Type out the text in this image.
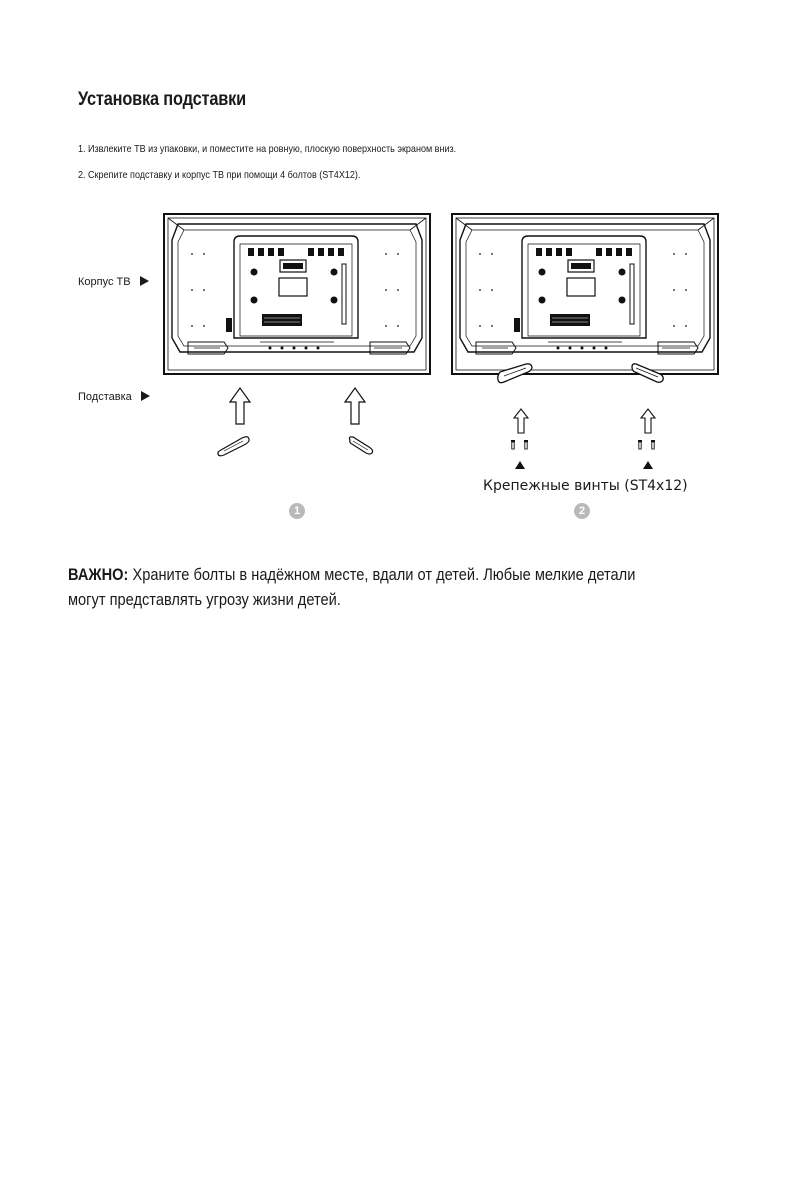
Установка подставки
1. Извлеките ТВ из упаковки, и поместите на ровную, плоскую поверхность экраном вниз.
2. Скрепите подставку и корпус ТВ при помощи 4 болтов (ST4X12).
Корпус ТВ
Подставка
Крепежные винты (ST4x12)
1	2

ВАЖНО: Храните болты в надёжном месте, вдали от детей. Любые мелкие детали могут представлять угрозу жизни детей.
